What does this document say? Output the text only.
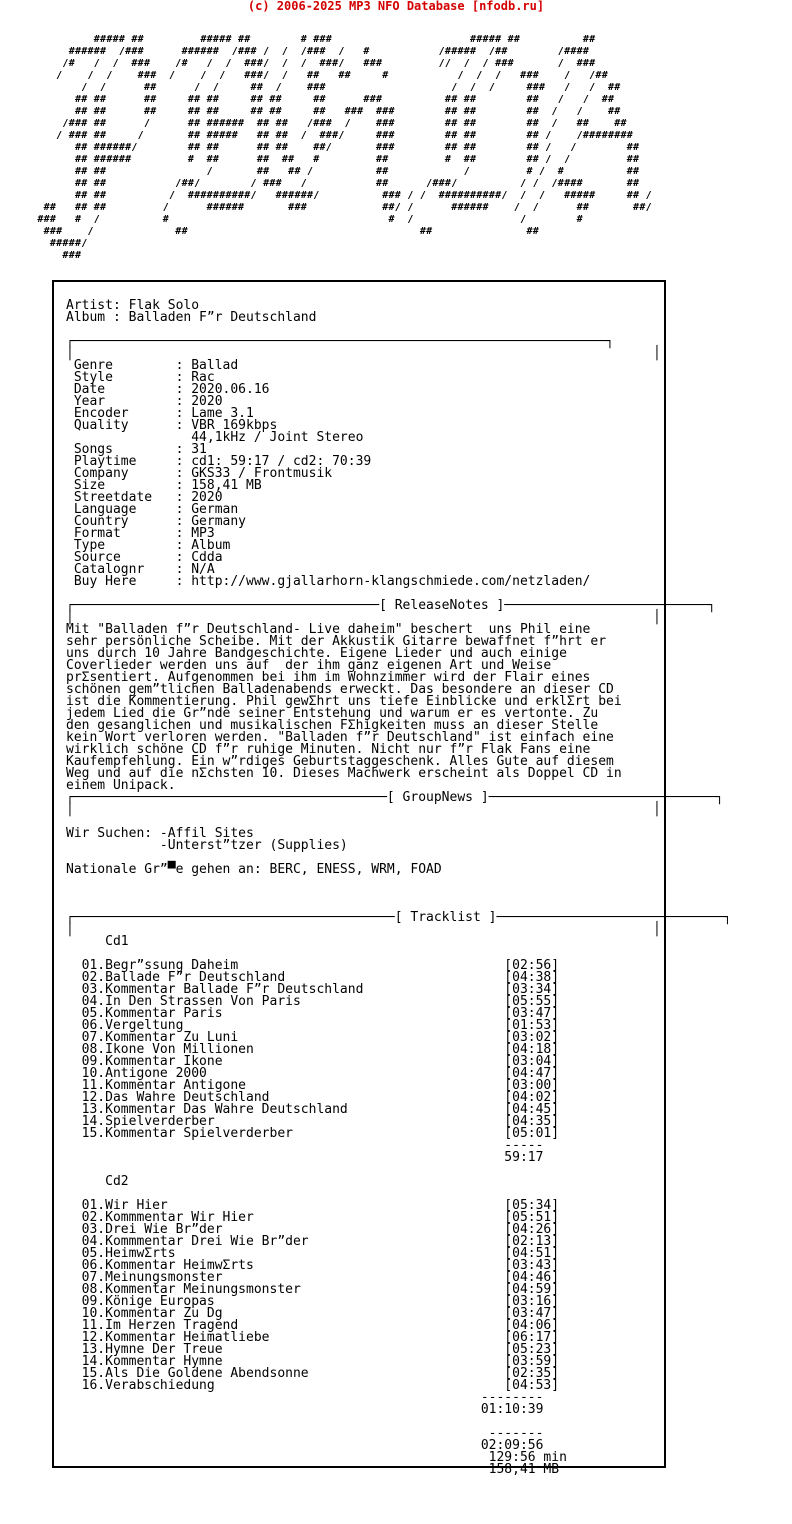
(c) 2006-2025 MP3 NFO Database [nfodb.ru]
##### ##         ##### ##        # ###                      ##### ##          ##
######  /###      ######  /### /  /  /###  /   #           /#####  /##        /####
/#   /  /  ###    /#   /  /  ###/  /  /  ###/   ###         //  /  / ###       /  ###
/    /  /    ###  /    /  /   ###/  /   ##   ##     #           /  /  /   ###    /   /##
/  /      ##      /  /     ##  /    ###                    /  /  /     ###   /   /  ##
## ##      ##     ## ##     ## ##     ##      ###          ## ##        ##   /   /  ##
## ##      ##     ## ##     ## ##     ##   ###  ###        ## ##        ##  /   /    ##
/### ##      /      ## ######  ## ##   /###  /    ###        ## ##        ##  /   ##    ##
/ ### ##     /       ## #####   ## ##  /  ###/     ###        ## ##        ## /    /########
## ######/        ## ##      ## ##    ##/       ###        ## ##        ## /   /        ##
## ######         #  ##      ##  ##   #         ##         #  ##        ## /  /         ##
## ##                /       ##   ## /          ##            /         # /  #          ##
## ##           /##/        / ###   /           ##      /###/          / /  /####       ##
## ##          /  ##########/   ######/          ### / /  ##########/  /  /   #####     ## /
##   ## ##         /      ######       ###            ##/ /      ######    /  /      ##       ##/
###   #  /          #                                   #  /                 /        #
###    /             ##                                     ##               ##
#####/
###
Artist: Flak Solo
Album : Balladen F”r Deutschland

┌────────────────────────────────────────────────────────────────────┐
│                                                                          │
Genre        : Ballad
Style        : Rac
Date         : 2020.06.16
Year         : 2020
Encoder      : Lame 3.1
Quality      : VBR 169kbps
44,1kHz / Joint Stereo
Songs        : 31
Playtime     : cd1: 59:17 / cd2: 70:39
Company      : GKS33 / Frontmusik
Size         : 158,41 MB
Streetdate   : 2020
Language     : German
Country      : Germany
Format       : MP3
Type         : Album
Source       : Cdda
Catalognr    : N/A
Buy Here     : http://www.gjallarhorn-klangschmiede.com/netzladen/

┌───────────────────────────────────────[ ReleaseNotes ]──────────────────────────┐
│                                                                          │
Mit "Balladen f”r Deutschland- Live daheim" beschert  uns Phil eine
sehr persönliche Scheibe. Mit der Akkustik Gitarre bewaffnet f”hrt er
uns durch 10 Jahre Bandgeschichte. Eigene Lieder und auch einige
Coverlieder werden uns auf  der ihm ganz eigenen Art und Weise
prΣsentiert. Aufgenommen bei ihm im Wohnzimmer wird der Flair eines
schönen gem”tlichen Balladenabends erweckt. Das besondere an dieser CD
ist die Kommentierung. Phil gewΣhrt uns tiefe Einblicke und erklΣrt bei
jedem Lied die Gr”nde seiner Entstehung und warum er es vertonte. Zu
den gesanglichen und musikalischen FΣhigkeiten muss an dieser Stelle
kein Wort verloren werden. "Balladen f”r Deutschland" ist einfach eine
wirklich schöne CD f”r ruhige Minuten. Nicht nur f”r Flak Fans eine
Kaufempfehlung. Ein w”rdiges Geburtstaggeschenk. Alles Gute auf diesem
Weg und auf die nΣchsten 10. Dieses Machwerk erscheint als Doppel CD in
einem Unipack.
┌────────────────────────────────────────[ GroupNews ]─────────────────────────────┐
│                                                                          │

Wir Suchen: -Affil Sites
-Unterst”tzer (Supplies)

Nationale Gr”▀e gehen an: BERC, ENESS, WRM, FOAD

┌─────────────────────────────────────────[ Tracklist ]─────────────────────────────┐
│                                                                          │
Cd1

01.Begr”ssung Daheim                                  [02:56]
02.Ballade F”r Deutschland                            [04:38]
03.Kommentar Ballade F”r Deutschland                  [03:34]
04.In Den Strassen Von Paris                          [05:55]
05.Kommentar Paris                                    [03:47]
06.Vergeltung                                         [01:53]
07.Kommentar Zu Luni                                  [03:02]
08.Ikone Von Millionen                                [04:18]
09.Kommentar Ikone                                    [03:04]
10.Antigone 2000                                      [04:47]
11.Kommentar Antigone                                 [03:00]
12.Das Wahre Deutschland                              [04:02]
13.Kommentar Das Wahre Deutschland                    [04:45]
14.Spielverderber                                     [04:35]
15.Kommentar Spielverderber                           [05:01]
-----
59:17

Cd2

01.Wir Hier                                           [05:34]
02.Kommmentar Wir Hier                                [05:51]
03.Drei Wie Br”der                                    [04:26]
04.Kommmentar Drei Wie Br”der                         [02:13]
05.HeimwΣrts                                          [04:51]
06.Kommentar HeimwΣrts                                [03:43]
07.Meinungsmonster                                    [04:46]
08.Kommentar Meinungsmonster                          [04:59]
09.Könige Europas                                     [03:16]
10.Kommentar Zu Dg                                    [03:47]
11.Im Herzen Tragend                                  [04:06]
12.Kommentar Heimatliebe                              [06:17]
13.Hymne Der Treue                                    [05:23]
14.Kommentar Hymne                                    [03:59]
15.Als Die Goldene Abendsonne                         [02:35]
16.Verabschiedung                                     [04:53]
--------
01:10:39

-------
02:09:56
129:56 min
158,41 MB
